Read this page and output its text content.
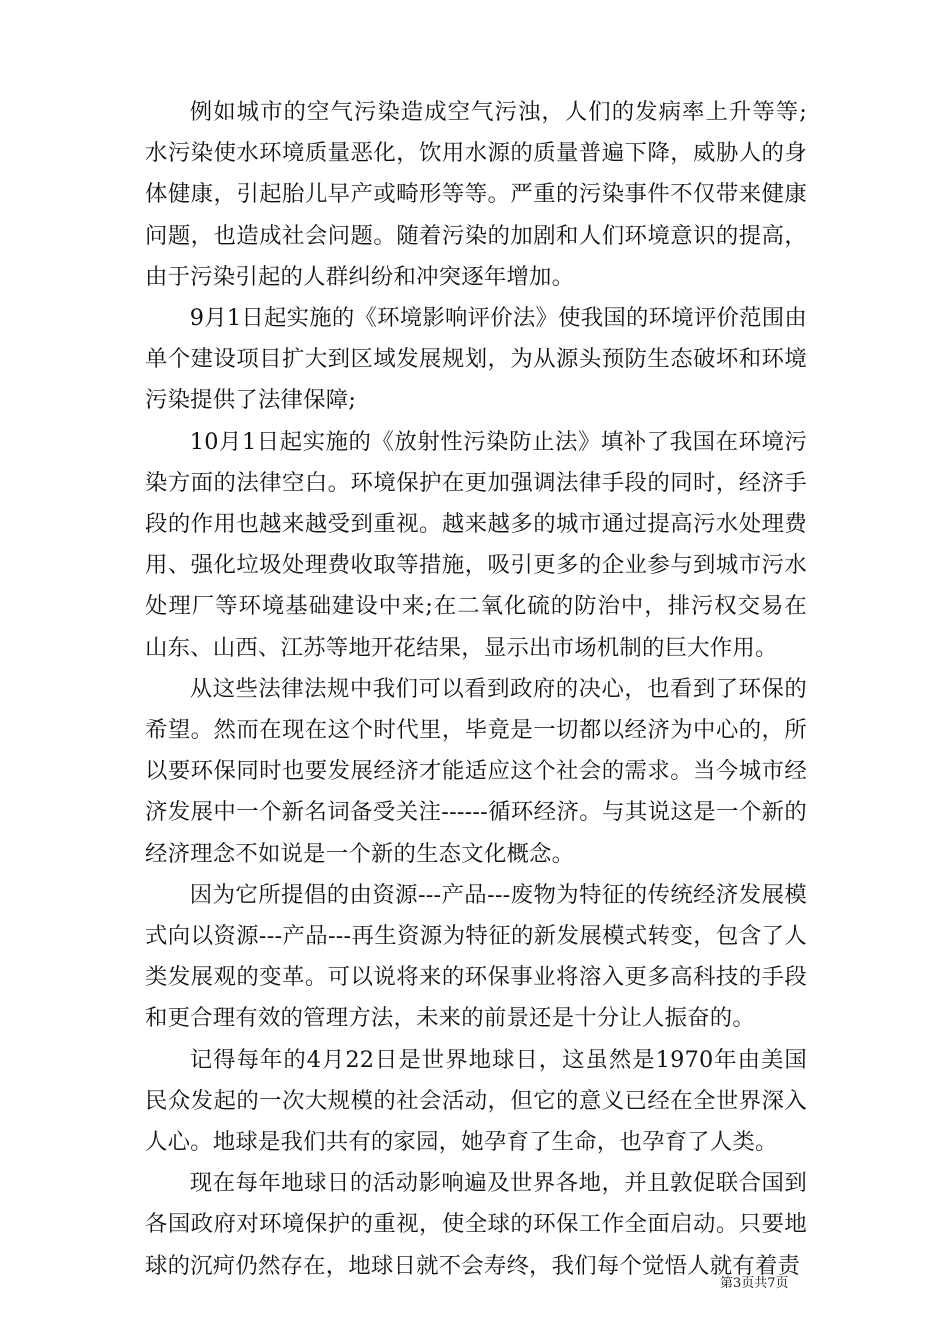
例如城市的空气污染造成空气污浊，人们的发病率上升等等;水污染使水环境质量恶化，饮用水源的质量普遍下降，威胁人的身体健康，引起胎儿早产或畸形等等。严重的污染事件不仅带来健康问题，也造成社会问题。随着污染的加剧和人们环境意识的提高，由于污染引起的人群纠纷和冲突逐年增加。

9月1日起实施的《环境影响评价法》使我国的环境评价范围由单个建设项目扩大到区域发展规划，为从源头预防生态破坏和环境污染提供了法律保障;

10月1日起实施的《放射性污染防止法》填补了我国在环境污染方面的法律空白。环境保护在更加强调法律手段的同时，经济手段的作用也越来越受到重视。越来越多的城市通过提高污水处理费用、强化垃圾处理费收取等措施，吸引更多的企业参与到城市污水处理厂等环境基础建设中来;在二氧化硫的防治中，排污权交易在山东、山西、江苏等地开花结果，显示出市场机制的巨大作用。

从这些法律法规中我们可以看到政府的决心，也看到了环保的希望。然而在现在这个时代里，毕竟是一切都以经济为中心的，所以要环保同时也要发展经济才能适应这个社会的需求。当今城市经济发展中一个新名词备受关注------循环经济。与其说这是一个新的经济理念不如说是一个新的生态文化概念。

因为它所提倡的由资源---产品---废物为特征的传统经济发展模式向以资源---产品---再生资源为特征的新发展模式转变，包含了人类发展观的变革。可以说将来的环保事业将溶入更多高科技的手段和更合理有效的管理方法，未来的前景还是十分让人振奋的。

记得每年的4月22日是世界地球日，这虽然是1970年由美国民众发起的一次大规模的社会活动，但它的意义已经在全世界深入人心。地球是我们共有的家园，她孕育了生命，也孕育了人类。

现在每年地球日的活动影响遍及世界各地，并且敦促联合国到各国政府对环境保护的重视，使全球的环保工作全面启动。只要地球的沉疴仍然存在，地球日就不会寿终，我们每个觉悟人就有着责

第3页共7页
